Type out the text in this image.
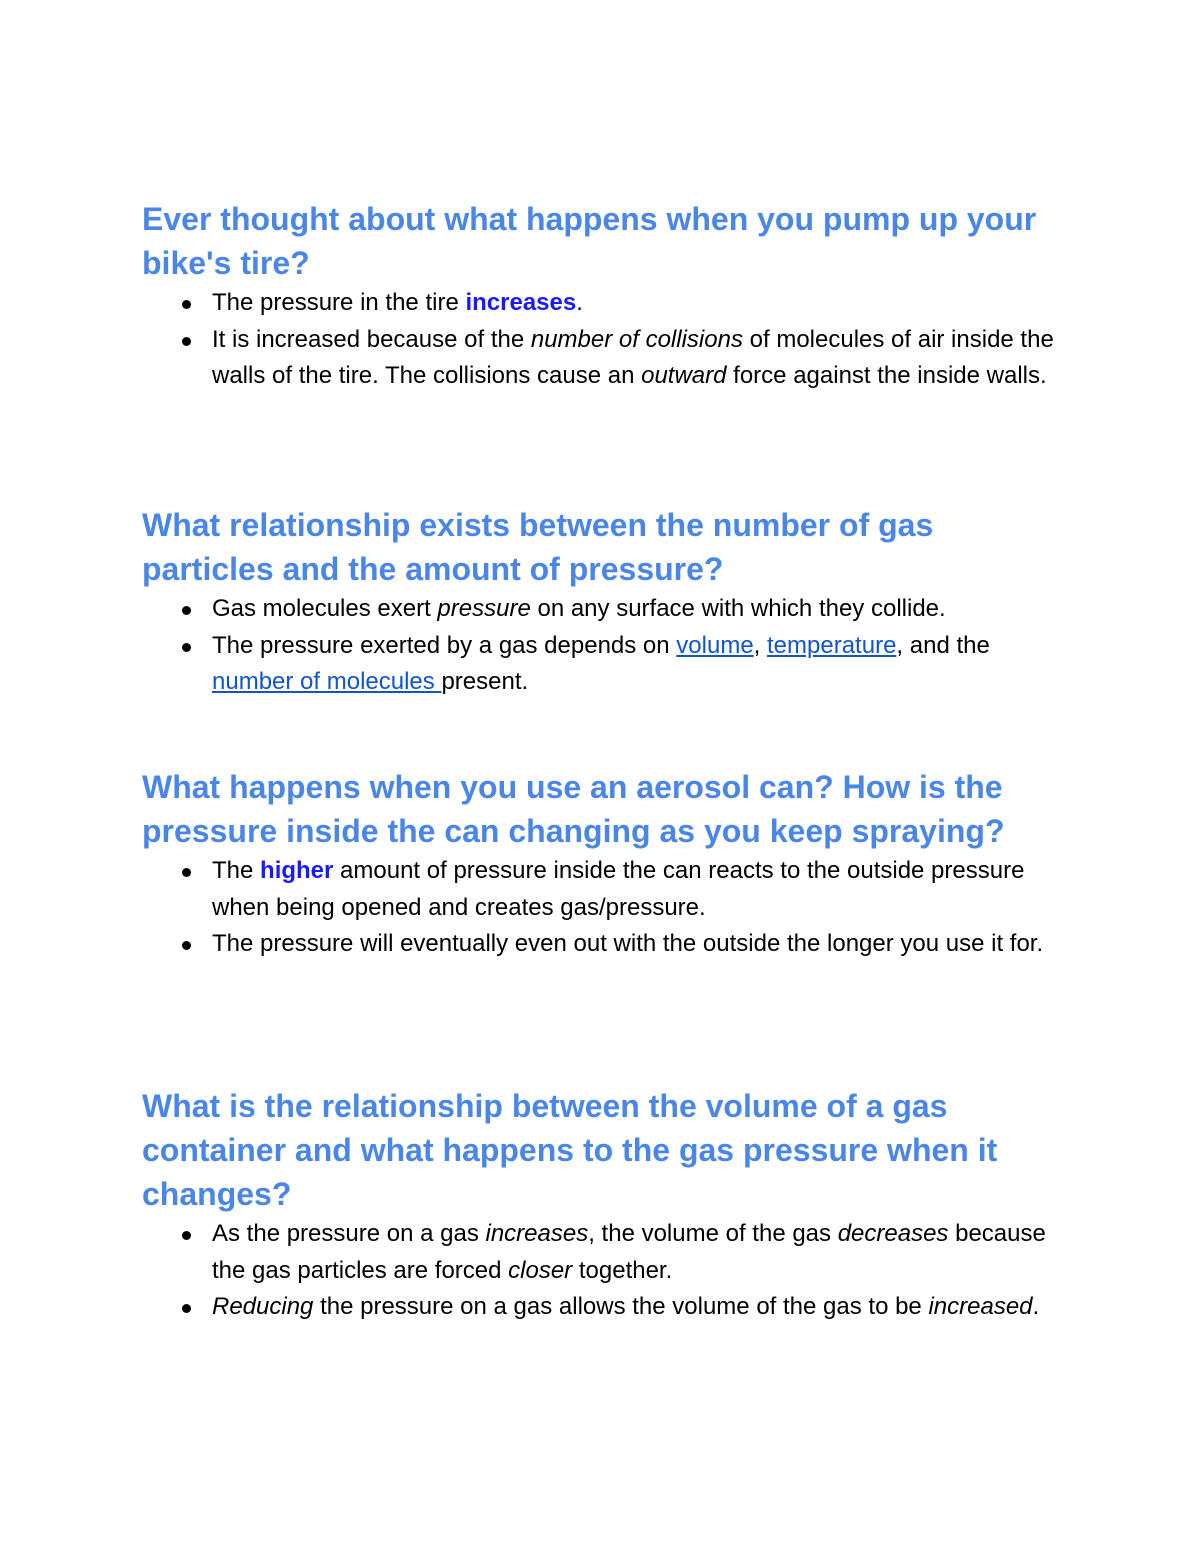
Ever thought about what happens when you pump up your bike's tire?
The pressure in the tire increases.
It is increased because of the number of collisions of molecules of air inside the walls of the tire. The collisions cause an outward force against the inside walls.
What relationship exists between the number of gas particles and the amount of pressure?
Gas molecules exert pressure on any surface with which they collide.
The pressure exerted by a gas depends on volume, temperature, and the number of molecules present.
What happens when you use an aerosol can? How is the pressure inside the can changing as you keep spraying?
The higher amount of pressure inside the can reacts to the outside pressure when being opened and creates gas/pressure.
The pressure will eventually even out with the outside the longer you use it for.
What is the relationship between the volume of a gas container and what happens to the gas pressure when it changes?
As the pressure on a gas increases, the volume of the gas decreases because the gas particles are forced closer together.
Reducing the pressure on a gas allows the volume of the gas to be increased.
